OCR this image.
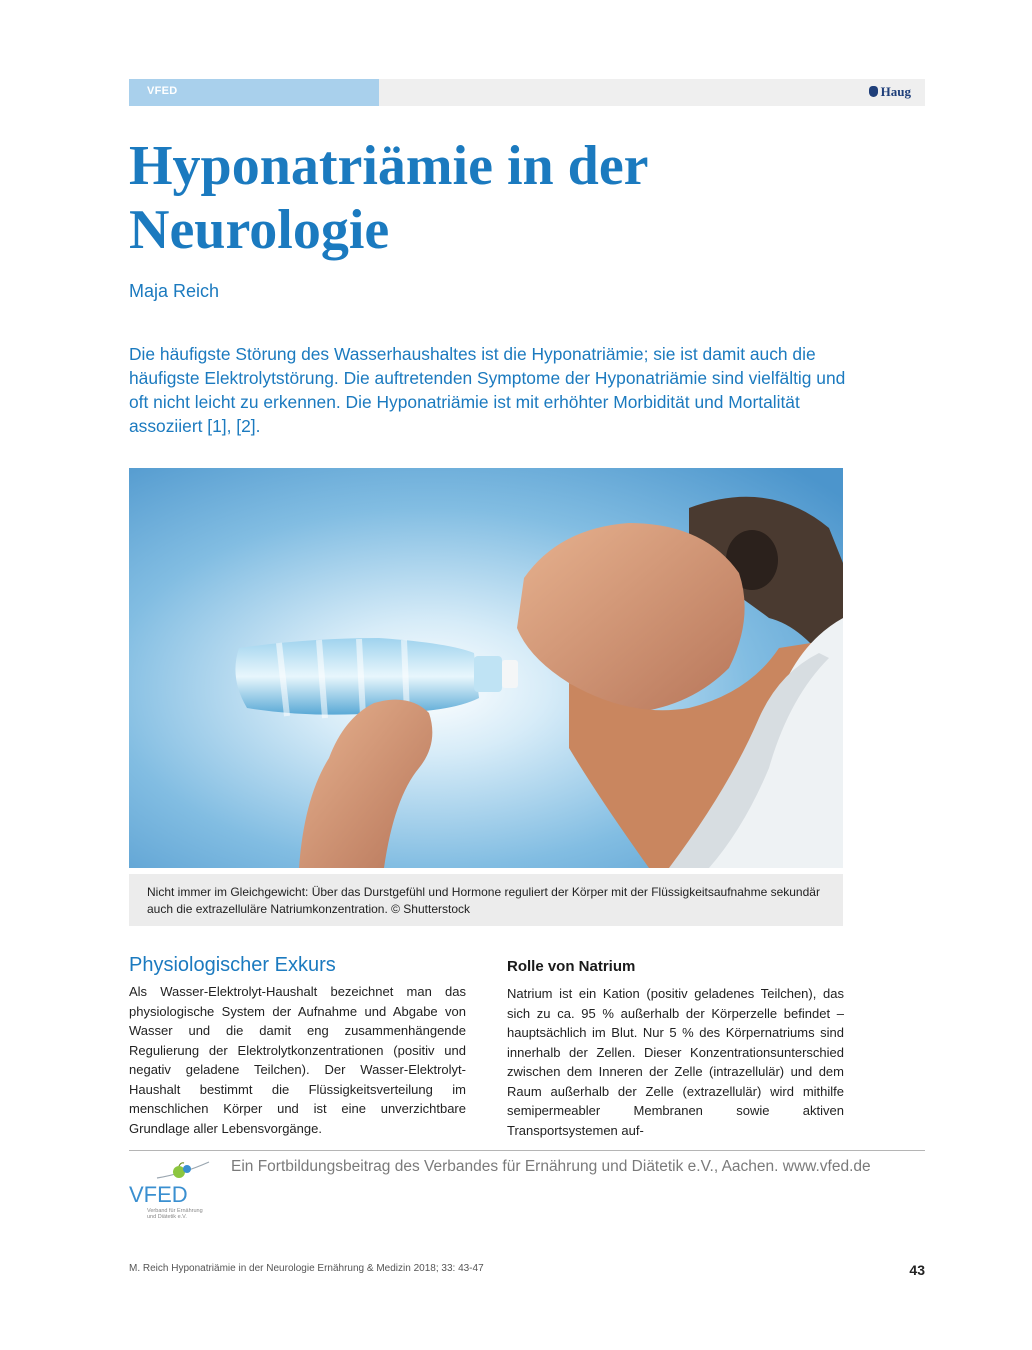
VFED	Haug
Hyponatriämie in der Neurologie
Maja Reich

Die häufigste Störung des Wasserhaushaltes ist die Hyponatriämie; sie ist damit auch die häufigste Elektrolytstörung. Die auftretenden Symptome der Hyponatriämie sind vielfältig und oft nicht leicht zu erkennen. Die Hyponatriämie ist mit erhöhter Morbidität und Mortalität assoziiert [1], [2].

Nicht immer im Gleichgewicht: Über das Durstgefühl und Hormone reguliert der Körper mit der Flüssigkeitsaufnahme sekundär auch die extrazelluläre Natriumkonzentration. © Shutterstock
Physiologischer Exkurs

Als Wasser-Elektrolyt-Haushalt bezeichnet man das physiologische System der Aufnahme und Abgabe von Wasser und die damit eng zusammenhängende Regulierung der Elektrolytkonzentrationen (positiv und negativ geladene Teilchen). Der Wasser-Elektrolyt-Haushalt bestimmt die Flüssigkeitsverteilung im menschlichen Körper und ist eine unverzichtbare Grundlage aller Lebensvorgänge.

Rolle von Natrium

Natrium ist ein Kation (positiv geladenes Teilchen), das sich zu ca. 95 % außerhalb der Körperzelle befindet – hauptsächlich im Blut. Nur 5 % des Körpernatriums sind innerhalb der Zellen. Dieser Konzentrationsunterschied zwischen dem Inneren der Zelle (intrazellulär) und dem Raum außerhalb der Zelle (extrazellulär) wird mithilfe semipermeabler Membranen sowie aktiven Transportsystemen auf-

VFED
Verband für Ernährung
und Diätetik e.V.
Ein Fortbildungsbeitrag des Verbandes für Ernährung und Diätetik e.V., Aachen. www.vfed.de
M. Reich Hyponatriämie in der Neurologie Ernährung & Medizin 2018; 33: 43-47	43
